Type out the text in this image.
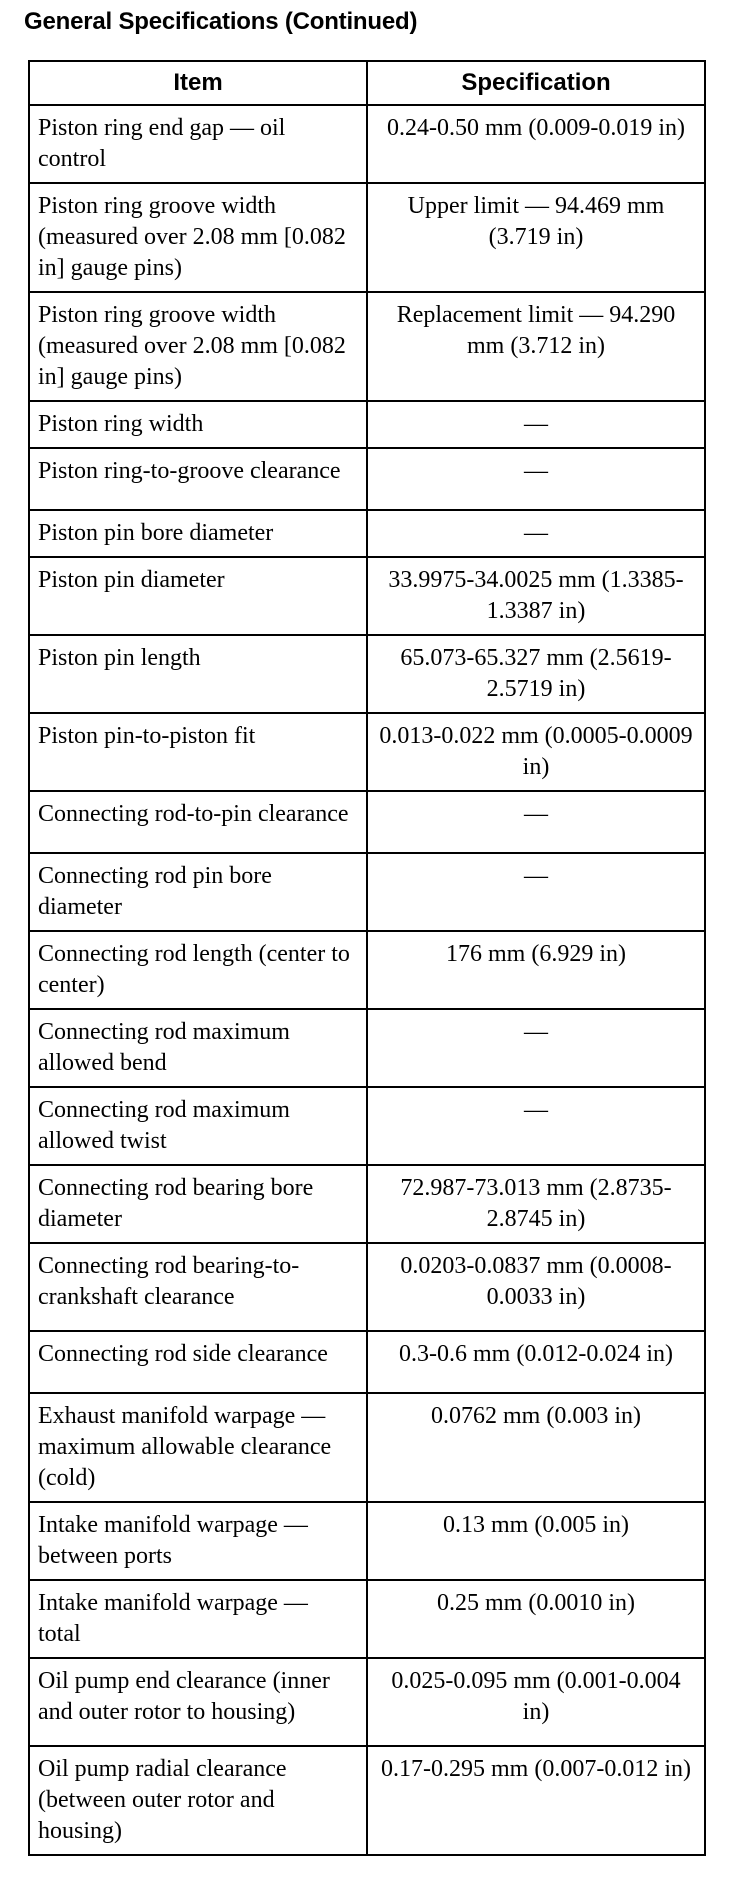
General Specifications (Continued)
Item	Specification
Piston ring end gap — oil control	0.24-0.50 mm (0.009-0.019 in)
Piston ring groove width (measured over 2.08 mm [0.082 in] gauge pins)	Upper limit — 94.469 mm (3.719 in)
Piston ring groove width (measured over 2.08 mm [0.082 in] gauge pins)	Replacement limit — 94.290 mm (3.712 in)
Piston ring width	—
Piston ring-to-groove clearance	—
Piston pin bore diameter	—
Piston pin diameter	33.9975-34.0025 mm (1.3385-1.3387 in)
Piston pin length	65.073-65.327 mm (2.5619-2.5719 in)
Piston pin-to-piston fit	0.013-0.022 mm (0.0005-0.0009 in)
Connecting rod-to-pin clearance	—
Connecting rod pin bore diameter	—
Connecting rod length (center to center)	176 mm (6.929 in)
Connecting rod maximum allowed bend	—
Connecting rod maximum allowed twist	—
Connecting rod bearing bore diameter	72.987-73.013 mm (2.8735-2.8745 in)
Connecting rod bearing-to-crankshaft clearance	0.0203-0.0837 mm (0.0008-0.0033 in)
Connecting rod side clearance	0.3-0.6 mm (0.012-0.024 in)
Exhaust manifold warpage — maximum allowable clearance (cold)	0.0762 mm (0.003 in)
Intake manifold warpage — between ports	0.13 mm (0.005 in)
Intake manifold warpage — total	0.25 mm (0.0010 in)
Oil pump end clearance (inner and outer rotor to housing)	0.025-0.095 mm (0.001-0.004 in)
Oil pump radial clearance (between outer rotor and housing)	0.17-0.295 mm (0.007-0.012 in)
